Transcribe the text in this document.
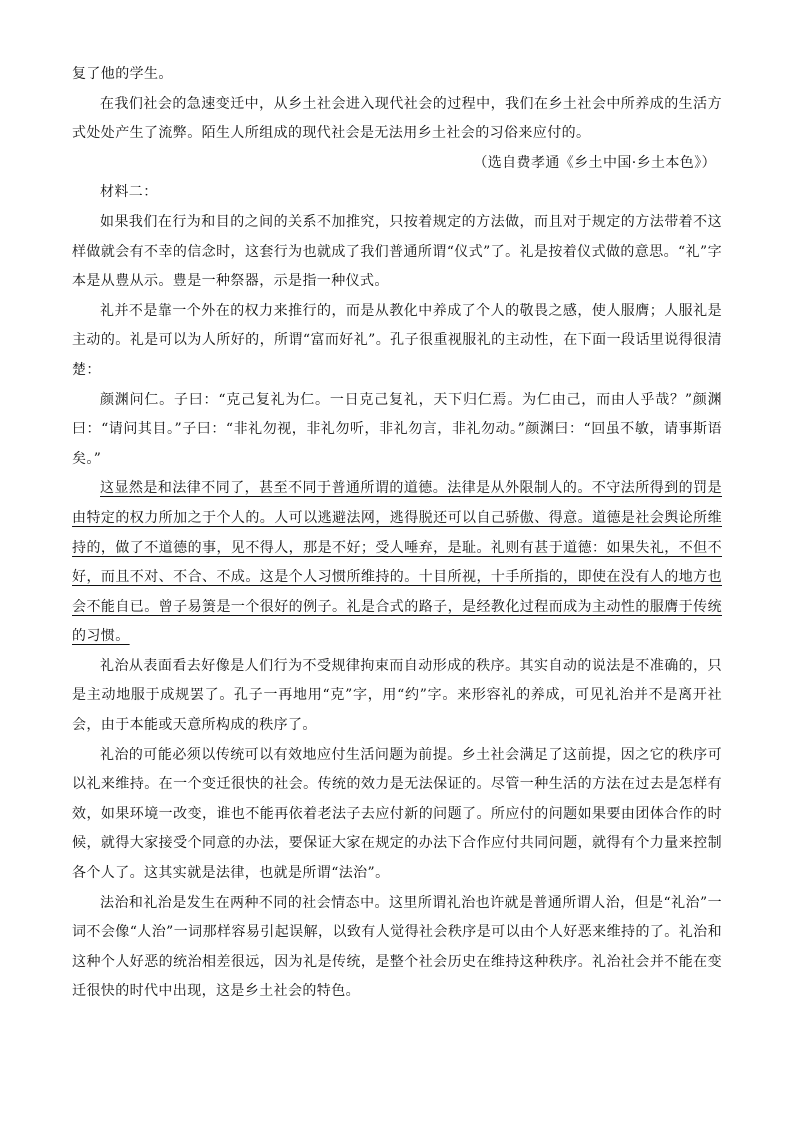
复了他的学生。

在我们社会的急速变迁中，从乡土社会进入现代社会的过程中，我们在乡土社会中所养成的生活方式处处产生了流弊。陌生人所组成的现代社会是无法用乡土社会的习俗来应付的。

（选自费孝通《乡土中国·乡土本色》）

材料二：

如果我们在行为和目的之间的关系不加推究，只按着规定的方法做，而且对于规定的方法带着不这样做就会有不幸的信念时，这套行为也就成了我们普通所谓“仪式”了。礼是按着仪式做的意思。“礼”字本是从豊从示。豊是一种祭器，示是指一种仪式。

礼并不是靠一个外在的权力来推行的，而是从教化中养成了个人的敬畏之感，使人服膺；人服礼是主动的。礼是可以为人所好的，所谓“富而好礼”。孔子很重视服礼的主动性，在下面一段话里说得很清楚：

颜渊问仁。子曰：“克己复礼为仁。一日克己复礼，天下归仁焉。为仁由己，而由人乎哉？”颜渊曰：“请问其目。”子曰：“非礼勿视，非礼勿听，非礼勿言，非礼勿动。”颜渊曰：“回虽不敏，请事斯语矣。”

这显然是和法律不同了，甚至不同于普通所谓的道德。法律是从外限制人的。不守法所得到的罚是由特定的权力所加之于个人的。人可以逃避法网，逃得脱还可以自己骄傲、得意。道德是社会舆论所维持的，做了不道德的事，见不得人，那是不好；受人唾弃，是耻。礼则有甚于道德：如果失礼，不但不好，而且不对、不合、不成。这是个人习惯所维持的。十目所视，十手所指的，即使在没有人的地方也会不能自已。曾子易箦是一个很好的例子。礼是合式的路子，是经教化过程而成为主动性的服膺于传统的习惯。

礼治从表面看去好像是人们行为不受规律拘束而自动形成的秩序。其实自动的说法是不准确的，只是主动地服于成规罢了。孔子一再地用“克”字，用“约”字。来形容礼的养成，可见礼治并不是离开社会，由于本能或天意所构成的秩序了。

礼治的可能必须以传统可以有效地应付生活问题为前提。乡土社会满足了这前提，因之它的秩序可以礼来维持。在一个变迁很快的社会。传统的效力是无法保证的。尽管一种生活的方法在过去是怎样有效，如果环境一改变，谁也不能再依着老法子去应付新的问题了。所应付的问题如果要由团体合作的时候，就得大家接受个同意的办法，要保证大家在规定的办法下合作应付共同问题，就得有个力量来控制各个人了。这其实就是法律，也就是所谓“法治”。

法治和礼治是发生在两种不同的社会情态中。这里所谓礼治也许就是普通所谓人治，但是“礼治”一词不会像“人治”一词那样容易引起误解，以致有人觉得社会秩序是可以由个人好恶来维持的了。礼治和这种个人好恶的统治相差很远，因为礼是传统，是整个社会历史在维持这种秩序。礼治社会并不能在变迁很快的时代中出现，这是乡土社会的特色。
